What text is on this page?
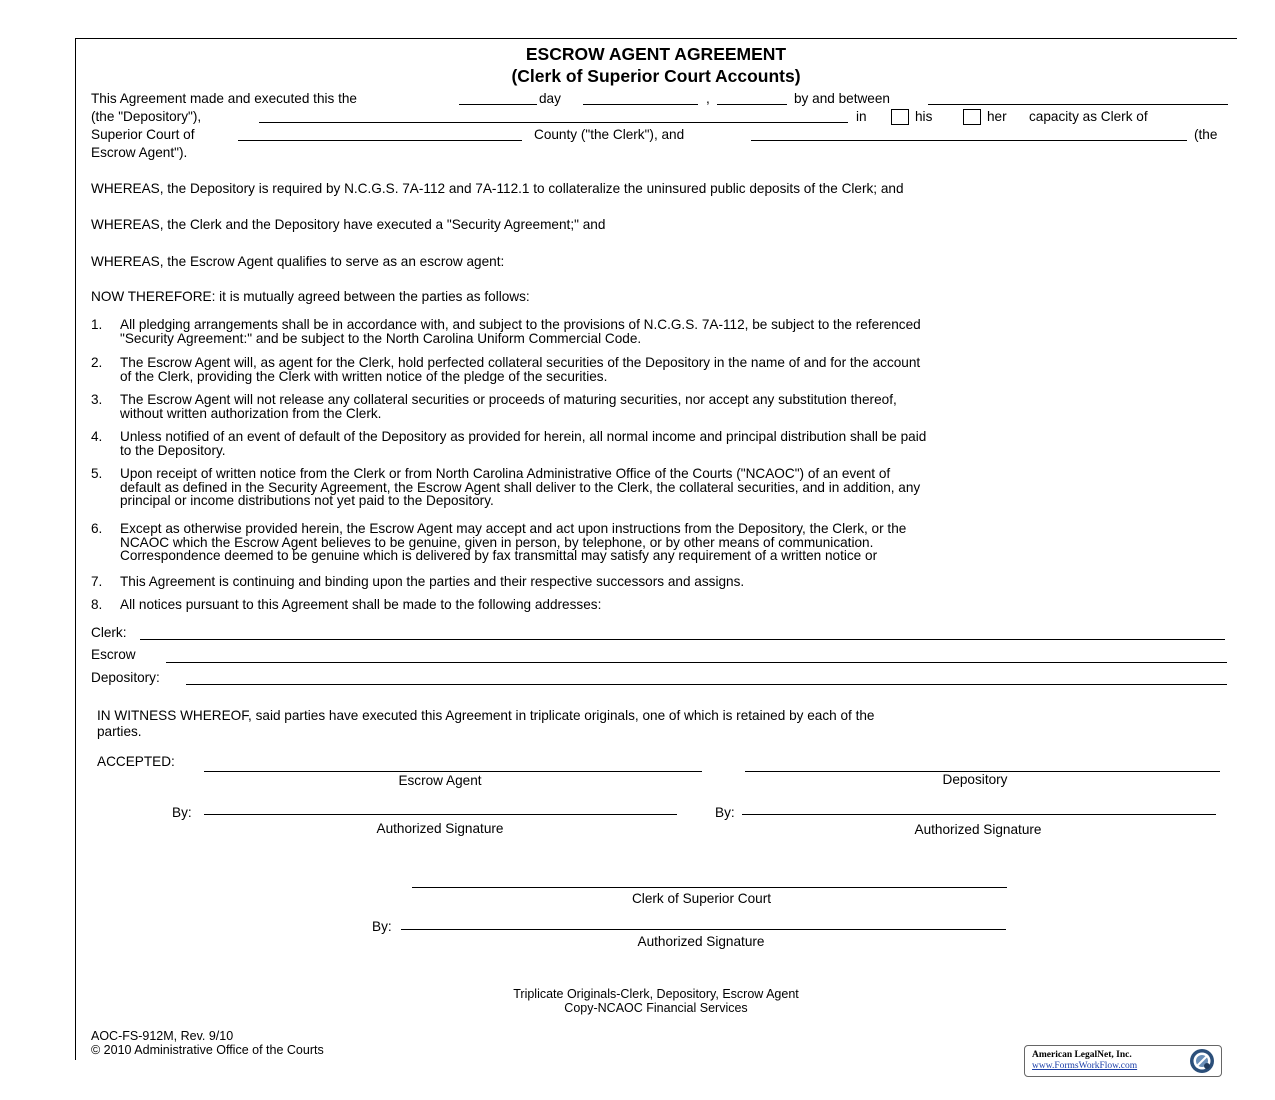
ESCROW AGENT AGREEMENT
(Clerk of Superior Court Accounts)
This Agreement made and executed this the	day	,	by and between
(the "Depository"),	in	his	her capacity as Clerk of
Superior Court of	County ("the Clerk"), and	(the
Escrow Agent").
WHEREAS, the Depository is required by N.C.G.S. 7A-112 and 7A-112.1 to collateralize the uninsured public deposits of the Clerk; and
WHEREAS, the Clerk and the Depository have executed a "Security Agreement;" and
WHEREAS, the Escrow Agent qualifies to serve as an escrow agent:
NOW THEREFORE: it is mutually agreed between the parties as follows:
1. All pledging arrangements shall be in accordance with, and subject to the provisions of N.C.G.S. 7A-112, be subject to the referenced
"Security Agreement:" and be subject to the North Carolina Uniform Commercial Code.
2. The Escrow Agent will, as agent for the Clerk, hold perfected collateral securities of the Depository in the name of and for the account
of the Clerk, providing the Clerk with written notice of the pledge of the securities.
3. The Escrow Agent will not release any collateral securities or proceeds of maturing securities, nor accept any substitution thereof,
without written authorization from the Clerk.
4. Unless notified of an event of default of the Depository as provided for herein, all normal income and principal distribution shall be paid
to the Depository.
5. Upon receipt of written notice from the Clerk or from North Carolina Administrative Office of the Courts ("NCAOC") of an event of
default as defined in the Security Agreement, the Escrow Agent shall deliver to the Clerk, the collateral securities, and in addition, any
principal or income distributions not yet paid to the Depository.
6. Except as otherwise provided herein, the Escrow Agent may accept and act upon instructions from the Depository, the Clerk, or the
NCAOC which the Escrow Agent believes to be genuine, given in person, by telephone, or by other means of communication.
Correspondence deemed to be genuine which is delivered by fax transmittal may satisfy any requirement of a written notice or
7. This Agreement is continuing and binding upon the parties and their respective successors and assigns.
8. All notices pursuant to this Agreement shall be made to the following addresses:
Clerk:
Escrow
Depository:
IN WITNESS WHEREOF, said parties have executed this Agreement in triplicate originals, one of which is retained by each of the
parties.
ACCEPTED:
Escrow Agent	Depository
By:
Authorized Signature
By:
Authorized Signature
Clerk of Superior Court
By:
Authorized Signature
Triplicate Originals-Clerk, Depository, Escrow Agent
Copy-NCAOC Financial Services
AOC-FS-912M, Rev. 9/10
© 2010 Administrative Office of the Courts	American LegalNet, Inc.
www.FormsWorkFlow.com
